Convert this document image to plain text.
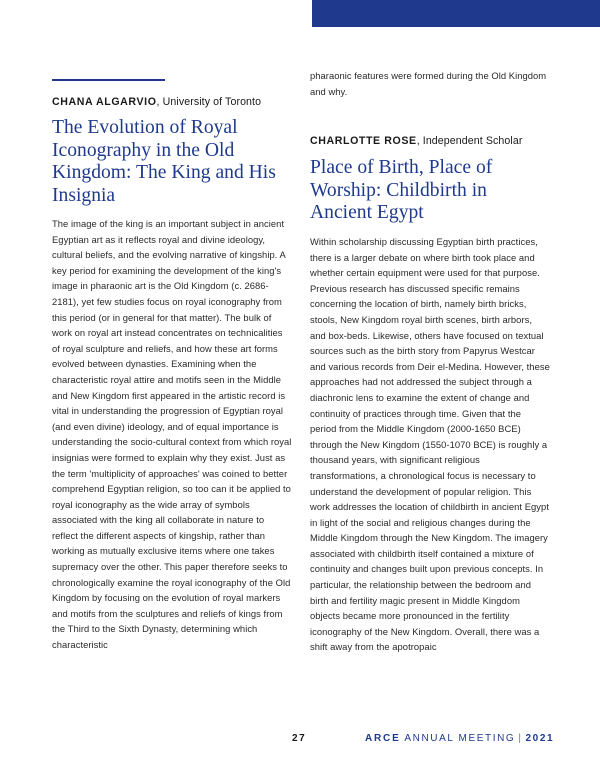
CHANA ALGARVIO, University of Toronto
The Evolution of Royal Iconography in the Old Kingdom: The King and His Insignia

The image of the king is an important subject in ancient Egyptian art as it reflects royal and divine ideology, cultural beliefs, and the evolving narrative of kingship. A key period for examining the development of the king's image in pharaonic art is the Old Kingdom (c. 2686-2181), yet few studies focus on royal iconography from this period (or in general for that matter). The bulk of work on royal art instead concentrates on technicalities of royal sculpture and reliefs, and how these art forms evolved between dynasties. Examining when the characteristic royal attire and motifs seen in the Middle and New Kingdom first appeared in the artistic record is vital in understanding the progression of Egyptian royal (and even divine) ideology, and of equal importance is understanding the socio-cultural context from which royal insignias were formed to explain why they exist. Just as the term 'multiplicity of approaches' was coined to better comprehend Egyptian religion, so too can it be applied to royal iconography as the wide array of symbols associated with the king all collaborate in nature to reflect the different aspects of kingship, rather than working as mutually exclusive items where one takes supremacy over the other. This paper therefore seeks to chronologically examine the royal iconography of the Old Kingdom by focusing on the evolution of royal markers and motifs from the sculptures and reliefs of kings from the Third to the Sixth Dynasty, determining which characteristic

pharaonic features were formed during the Old Kingdom and why.

CHARLOTTE ROSE, Independent Scholar
Place of Birth, Place of Worship: Childbirth in Ancient Egypt

Within scholarship discussing Egyptian birth practices, there is a larger debate on where birth took place and whether certain equipment were used for that purpose. Previous research has discussed specific remains concerning the location of birth, namely birth bricks, stools, New Kingdom royal birth scenes, birth arbors, and box-beds. Likewise, others have focused on textual sources such as the birth story from Papyrus Westcar and various records from Deir el-Medina. However, these approaches had not addressed the subject through a diachronic lens to examine the extent of change and continuity of practices through time. Given that the period from the Middle Kingdom (2000-1650 BCE) through the New Kingdom (1550-1070 BCE) is roughly a thousand years, with significant religious transformations, a chronological focus is necessary to understand the development of popular religion. This work addresses the location of childbirth in ancient Egypt in light of the social and religious changes during the Middle Kingdom through the New Kingdom. The imagery associated with childbirth itself contained a mixture of continuity and changes built upon previous concepts. In particular, the relationship between the bedroom and birth and fertility magic present in Middle Kingdom objects became more pronounced in the fertility iconography of the New Kingdom. Overall, there was a shift away from the apotropaic

27	ARCE ANNUAL MEETING | 2021
